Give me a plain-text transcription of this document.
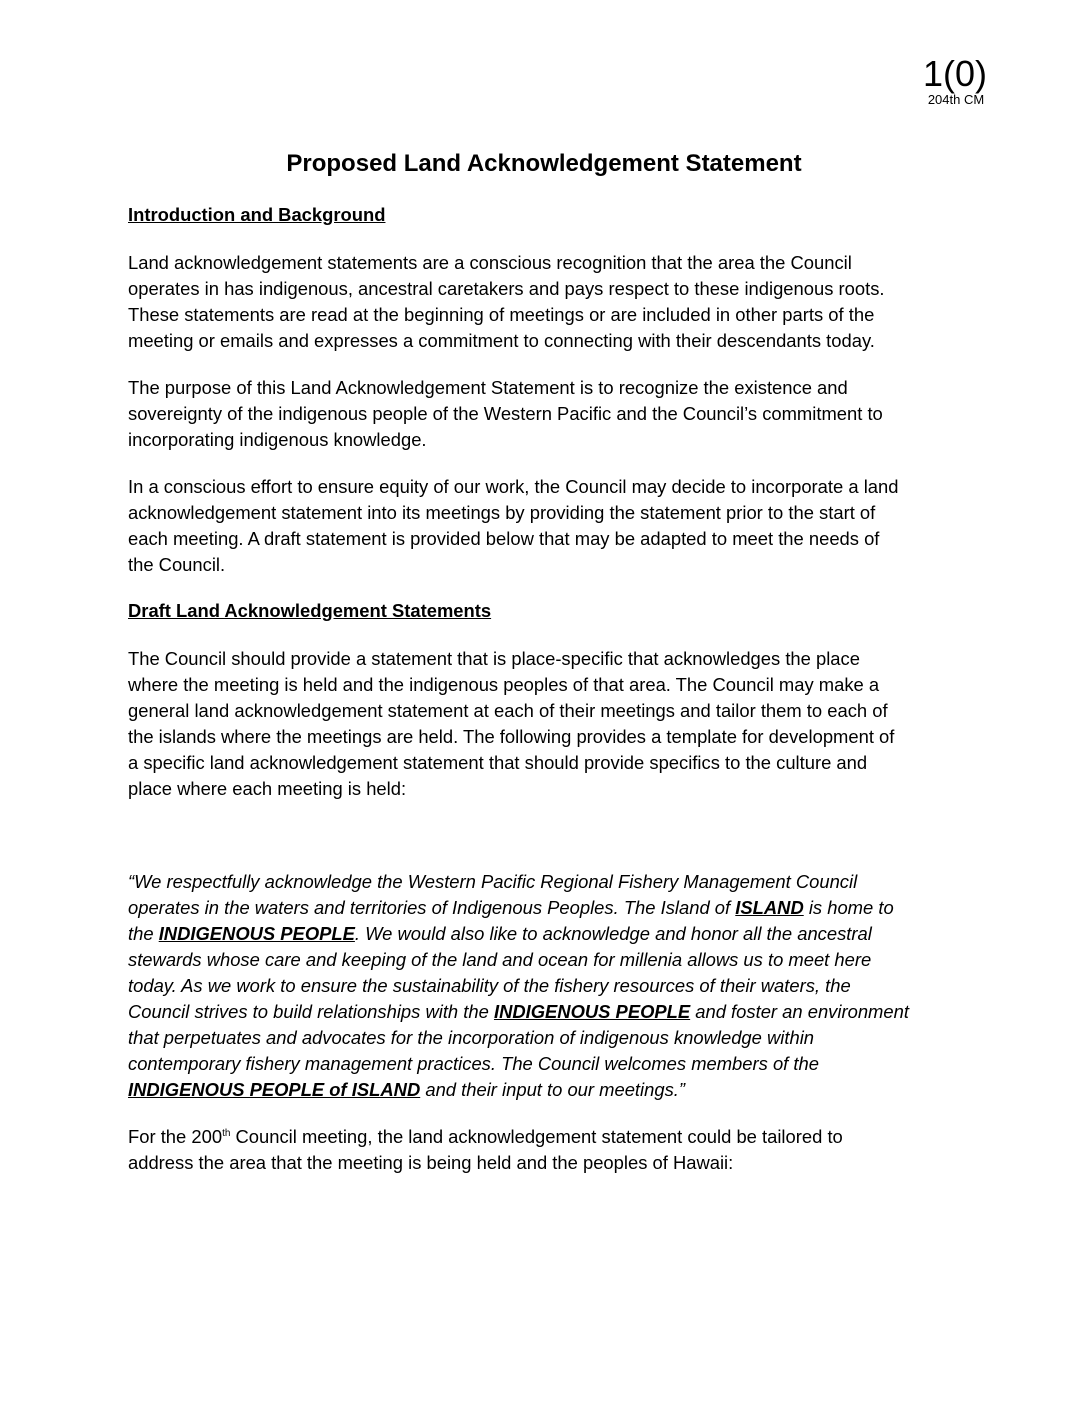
1(0)
204th CM
Proposed Land Acknowledgement Statement
Introduction and Background
Land acknowledgement statements are a conscious recognition that the area the Council
operates in has indigenous, ancestral caretakers and pays respect to these indigenous roots.
These statements are read at the beginning of meetings or are included in other parts of the
meeting or emails and expresses a commitment to connecting with their descendants today.
The purpose of this Land Acknowledgement Statement is to recognize the existence and
sovereignty of the indigenous people of the Western Pacific and the Council’s commitment to
incorporating indigenous knowledge.
In a conscious effort to ensure equity of our work, the Council may decide to incorporate a land
acknowledgement statement into its meetings by providing the statement prior to the start of
each meeting. A draft statement is provided below that may be adapted to meet the needs of
the Council.
Draft Land Acknowledgement Statements
The Council should provide a statement that is place-specific that acknowledges the place
where the meeting is held and the indigenous peoples of that area. The Council may make a
general land acknowledgement statement at each of their meetings and tailor them to each of
the islands where the meetings are held. The following provides a template for development of
a specific land acknowledgement statement that should provide specifics to the culture and
place where each meeting is held:
“We respectfully acknowledge the Western Pacific Regional Fishery Management Council
operates in the waters and territories of Indigenous Peoples. The Island of ISLAND is home to
the INDIGENOUS PEOPLE. We would also like to acknowledge and honor all the ancestral
stewards whose care and keeping of the land and ocean for millenia allows us to meet here
today. As we work to ensure the sustainability of the fishery resources of their waters, the
Council strives to build relationships with the INDIGENOUS PEOPLE and foster an environment
that perpetuates and advocates for the incorporation of indigenous knowledge within
contemporary fishery management practices. The Council welcomes members of the
INDIGENOUS PEOPLE of ISLAND and their input to our meetings.”
For the 200th Council meeting, the land acknowledgement statement could be tailored to
address the area that the meeting is being held and the peoples of Hawaii:
